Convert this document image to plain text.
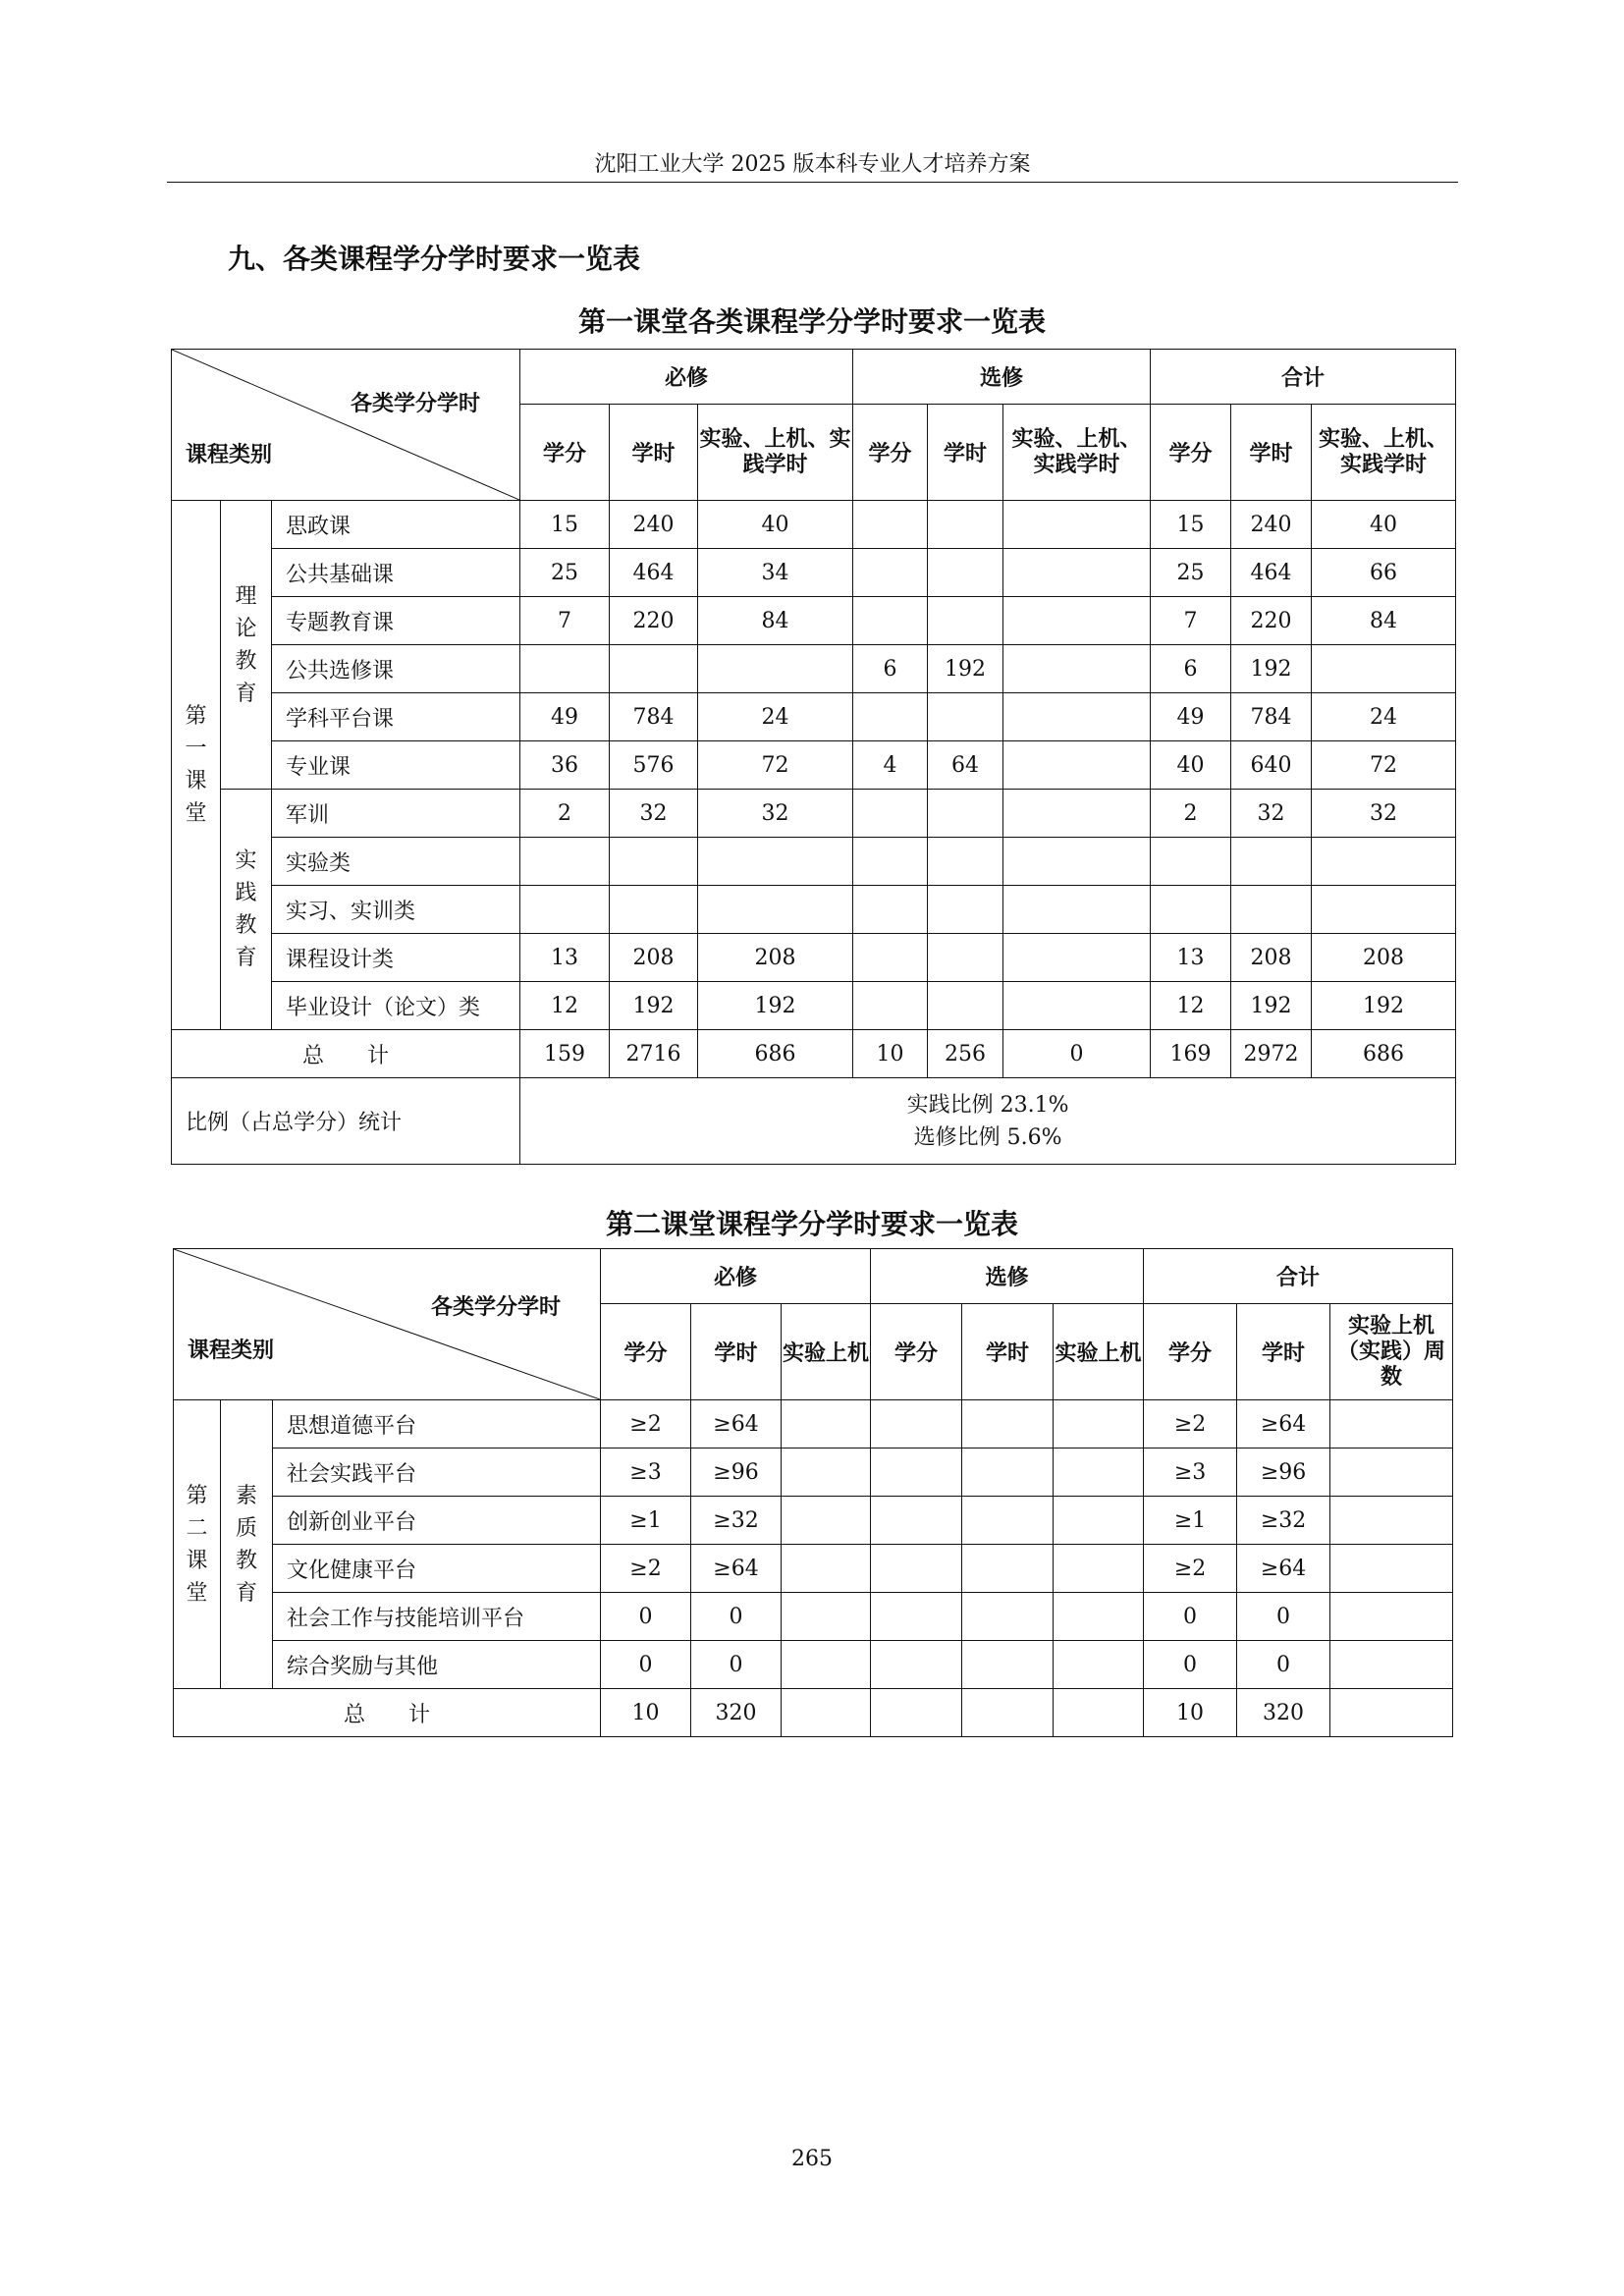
沈阳工业大学 2025 版本科专业人才培养方案
九、各类课程学分学时要求一览表
第一课堂各类课程学分学时要求一览表
各类学分学时
课程类别			必修			选修			合计		
			学分	学时	实验、上机、实践学时	学分	学时	实验、上机、实践学时	学分	学时	实验、上机、实践学时
第一课堂	理论教育	思政课	15	240	40				15	240	40
		公共基础课	25	464	34				25	464	66
		专题教育课	7	220	84				7	220	84
		公共选修课				6	192		6	192	
		学科平台课	49	784	24				49	784	24
		专业课	36	576	72	4	64		40	640	72
	实践教育	军训	2	32	32				2	32	32
		实验类									
		实习、实训类									
		课程设计类	13	208	208				13	208	208
		毕业设计（论文）类	12	192	192				12	192	192
总　　计			159	2716	686	10	256	0	169	2972	686
比例（占总学分）统计			实践比例 23.1%
选修比例 5.6%								
第二课堂课程学分学时要求一览表
各类学分学时
课程类别			必修			选修			合计		
			学分	学时	实验上机	学分	学时	实验上机	学分	学时	实验上机（实践）周数
第二课堂	素质教育	思想道德平台	≥2	≥64					≥2	≥64	
		社会实践平台	≥3	≥96					≥3	≥96	
		创新创业平台	≥1	≥32					≥1	≥32	
		文化健康平台	≥2	≥64					≥2	≥64	
		社会工作与技能培训平台	0	0					0	0	
		综合奖励与其他	0	0					0	0	
总　　计			10	320					10	320	
265
